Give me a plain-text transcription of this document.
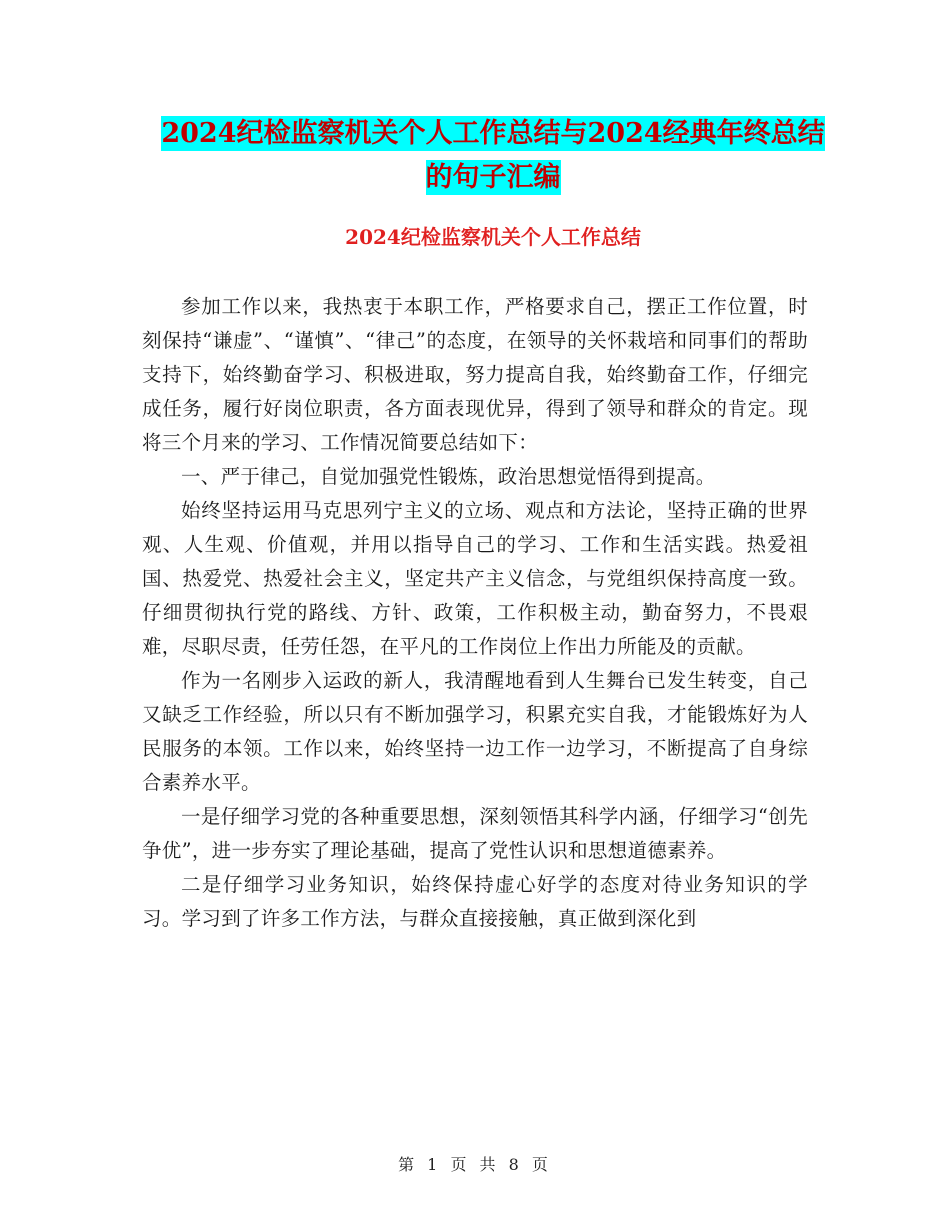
2024纪检监察机关个人工作总结与2024经典年终总结
的句子汇编
2024纪检监察机关个人工作总结

参加工作以来，我热衷于本职工作，严格要求自己，摆正工作位置，时刻保持“谦虚”、“谨慎”、“律己”的态度，在领导的关怀栽培和同事们的帮助支持下，始终勤奋学习、积极进取，努力提高自我，始终勤奋工作，仔细完成任务，履行好岗位职责，各方面表现优异，得到了领导和群众的肯定。现将三个月来的学习、工作情况简要总结如下：

一、严于律己，自觉加强党性锻炼，政治思想觉悟得到提高。

始终坚持运用马克思列宁主义的立场、观点和方法论，坚持正确的世界观、人生观、价值观，并用以指导自己的学习、工作和生活实践。热爱祖国、热爱党、热爱社会主义，坚定共产主义信念，与党组织保持高度一致。仔细贯彻执行党的路线、方针、政策，工作积极主动，勤奋努力，不畏艰难，尽职尽责，任劳任怨，在平凡的工作岗位上作出力所能及的贡献。

作为一名刚步入运政的新人，我清醒地看到人生舞台已发生转变，自己又缺乏工作经验，所以只有不断加强学习，积累充实自我，才能锻炼好为人民服务的本领。工作以来，始终坚持一边工作一边学习，不断提高了自身综合素养水平。

一是仔细学习党的各种重要思想，深刻领悟其科学内涵，仔细学习“创先争优”，进一步夯实了理论基础，提高了党性认识和思想道德素养。

二是仔细学习业务知识，始终保持虚心好学的态度对待业务知识的学习。学习到了许多工作方法，与群众直接接触，真正做到深化到

第 1 页 共 8 页
